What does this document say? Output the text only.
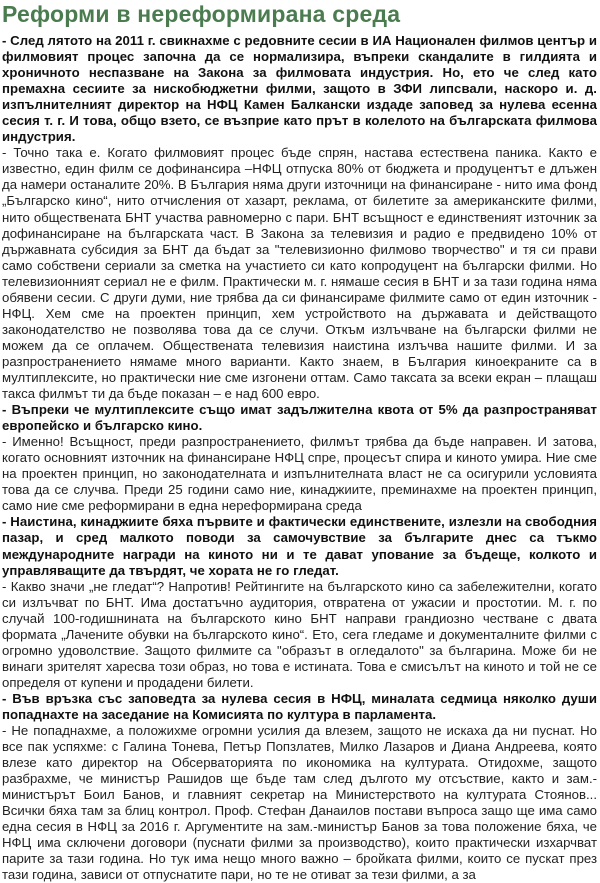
Реформи в нереформирана среда

- След лятото на 2011 г. свикнахме с редовните сесии в ИА Национален филмов център и филмовият процес започна да се нормализира, въпреки скандалите в гилдията и хроничното неспазване на Закона за филмовата индустрия. Но, ето че след като премахна сесиите за нискобюджетни филми, защото в ЗФИ липсвали, наскоро и. д. изпълнителният директор на НФЦ Камен Балкански издаде заповед за нулева есенна сесия т. г. И това, общо взето, се възприе като прът в колелото на българската филмова индустрия.

- Точно така е. Когато филмовият процес бъде спрян, настава естествена паника. Както е известно, един филм се дофинансира –НФЦ отпуска 80% от бюджета и продуцентът е длъжен да намери останалите 20%. В България няма други източници на финансиране - нито има фонд „Българско кино“, нито отчисления от хазарт, реклама, от билетите за американските филми, нито обществената БНТ участва равномерно с пари. БНТ всъщност е единственият източник за дофинансиране на българската част. В Закона за телевизия и радио е предвидено 10% от държавната субсидия за БНТ да бъдат за "телевизионно филмово творчество" и тя си прави само собствени сериали за сметка на участието си като копродуцент на български филми. Но телевизионният сериал не е филм. Практически м. г. нямаше сесия в БНТ и за тази година няма обявени сесии. С други думи, ние трябва да си финансираме филмите само от един източник - НФЦ. Хем сме на проектен принцип, хем устройството на държавата и действащото законодателство не позволява това да се случи. Откъм излъчване на български филми не можем да се оплачем. Обществената телевизия наистина излъчва нашите филми. И за разпространението нямаме много варианти. Както знаем, в България киноекраните са в мултиплексите, но практически ние сме изгонени оттам. Само таксата за всеки екран – плащаш такса филмът ти да бъде показан – е над 600 евро.

- Въпреки че мултиплексите също имат задължителна квота от 5% да разпространяват европейско и българско кино.

- Именно! Всъщност, преди разпространението, филмът трябва да бъде направен. И затова, когато основният източник на финансиране НФЦ спре, процесът спира и киното умира. Ние сме на проектен принцип, но законодателната и изпълнителната власт не са осигурили условията това да се случва. Преди 25 години само ние, кинаджиите, преминахме на проектен принцип, само ние сме реформирани в една нереформирана среда

- Наистина, кинаджиите бяха първите и фактически единствените, излезли на свободния пазар, и сред малкото поводи за самочувствие за българите днес са тъкмо международните награди на киното ни и те дават упование за бъдеще, колкото и управляващите да твърдят, че хората не го гледат.

- Какво значи „не гледат“? Напротив! Рейтингите на българското кино са забележителни, когато си излъчват по БНТ. Има достатъчно аудитория, отвратена от ужасии и простотии. М. г. по случай 100-годишнината на българското кино БНТ направи грандиозно честване с двата формата „Лачените обувки на българското кино“. Ето, сега гледаме и документалните филми с огромно удоволствие. Защото филмите са "образът в огледалото" за българина. Може би не винаги зрителят харесва този образ, но това е истината. Това е смисълът на киното и той не се определя от купени и продадени билети.

- Във връзка със заповедта за нулева сесия в НФЦ, миналата седмица няколко души попаднахте на заседание на Комисията по култура в парламента.

- Не попаднахме, а положихме огромни усилия да влезем, защото не искаха да ни пуснат. Но все пак успяхме: с Галина Тонева, Петър Попзлатев, Милко Лазаров и Диана Андреева, която влезе като директор на Обсерваторията по икономика на културата. Отидохме, защото разбрахме, че министър Рашидов ще бъде там след дългото му отсъствие, както и зам.-министърът Боил Банов, и главният секретар на Министерството на културата Стоянов... Всички бяха там за блиц контрол. Проф. Стефан Данаилов постави въпроса защо ще има само една сесия в НФЦ за 2016 г. Аргументите на зам.-министър Банов за това положение бяха, че НФЦ има сключени договори (пуснати филми за производство), които практически изхарчват парите за тази година. Но тук има нещо много важно – бройката филми, които се пускат през тази година, зависи от отпуснатите пари, но те не отиват за тези филми, а за
